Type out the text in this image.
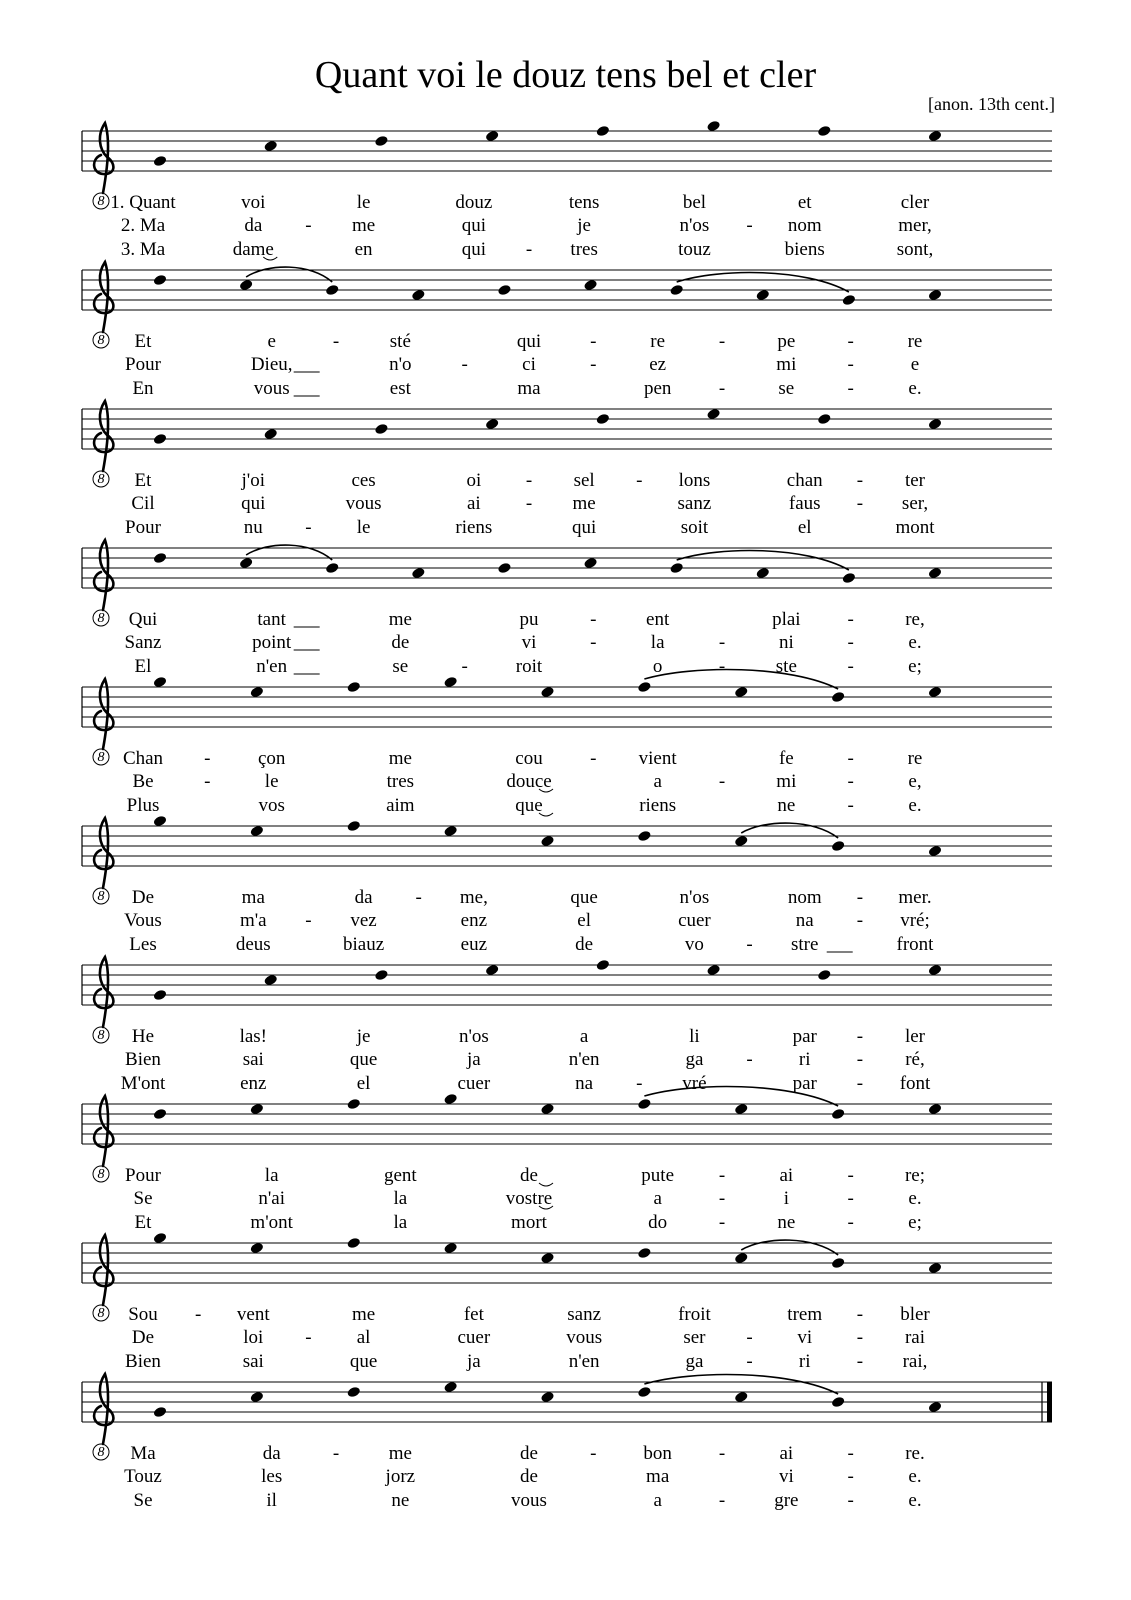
Quant voi le douz tens bel et cler
[anon. 13th cent.]
8 1. Quant	voi	le	douz	tens	bel	et	cler
2. Ma	da	me	qui	je	n'os	nom	mer,
-	-
3. Ma	dame	en	qui	tres	touz	biens	sont,
-
8 Et	e	sté	qui	re	pe	re
-	-	-	-
Pour	Dieu,	n'o	ci	ez	mi	e
-	-	-
En	vous	est	ma	pen	se	e.
-	-
8 Et	j'oi	ces	oi	sel	lons	chan	ter
-	-	-
Cil	qui	vous	ai	me	sanz	faus	ser,
-	-
Pour	nu	le	riens	qui	soit	el	mont
-
8 Qui	tant	me	pu	ent	plai	re,
-	-
Sanz	point	de	vi	la	ni	e.
-	-	-
El	n'en	se	roit	o	ste	e;
-	-	-
8 Chan	çon	me	cou	vient	fe	re
-	-	-
Be	le	tres	douce	a	mi	e,
-	-	-
Plus	vos	aim	que	riens	ne	e.
-
8 De	ma	da	me,	que	n'os	nom	mer.
-	-
Vous	m'a	vez	enz	el	cuer	na	vré;
-	-
Les	deus	biauz	euz	de	vo	stre	front
-
8 He	las!	je	n'os	a	li	par	ler
-
Bien	sai	que	ja	n'en	ga	ri	ré,
-	-
M'ont	enz	el	cuer	na	vré	par	font
-	-
8 Pour	la	gent	de	pute	ai	re;
-	-
Se	n'ai	la	vostre	a	i	e.
-	-
Et	m'ont	la	mort	do	ne	e;
-	-
8 Sou	vent	me	fet	sanz	froit	trem	bler
-	-
De	loi	al	cuer	vous	ser	vi	rai
-	-	-
Bien	sai	que	ja	n'en	ga	ri	rai,
-	-
8 Ma	da	me	de	bon	ai	re.
-	-	-	-
Touz	les	jorz	de	ma	vi	e.
-
Se	il	ne	vous	a	gre	e.
-	-
